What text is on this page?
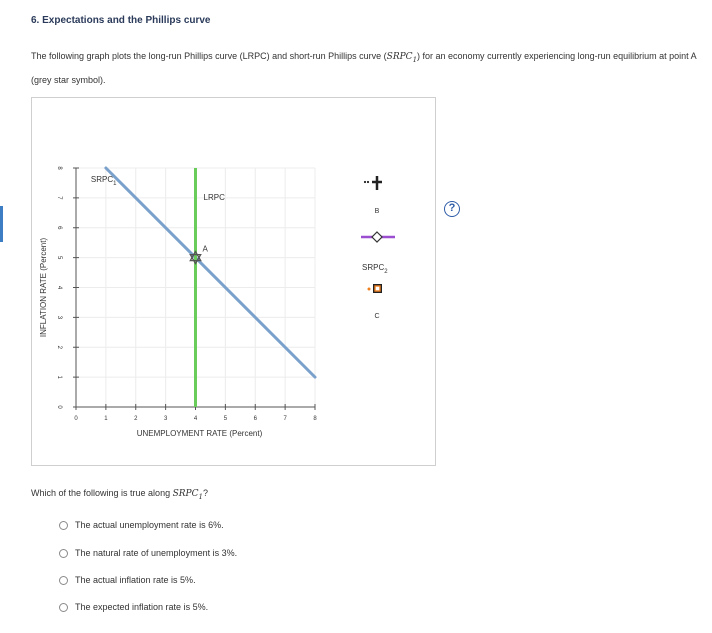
6. Expectations and the Phillips curve
The following graph plots the long-run Phillips curve (LRPC) and short-run Phillips curve $(SRPC_1)$ for an economy currently experiencing long-run equilibrium at point A (grey star symbol).
?
0	1	2	3	4	5	6	7	8
0
1
2
3
4
5
6
7
8
UNEMPLOYMENT RATE (Percent)
INFLATION RATE (Percent)
$SRPC_1$
LRPC
A
B
$SRPC_2$
C
Which of the following is true along $SRPC_1$?
The actual unemployment rate is 6%.
The natural rate of unemployment is 3%.
The actual inflation rate is 5%.
The expected inflation rate is 5%.
